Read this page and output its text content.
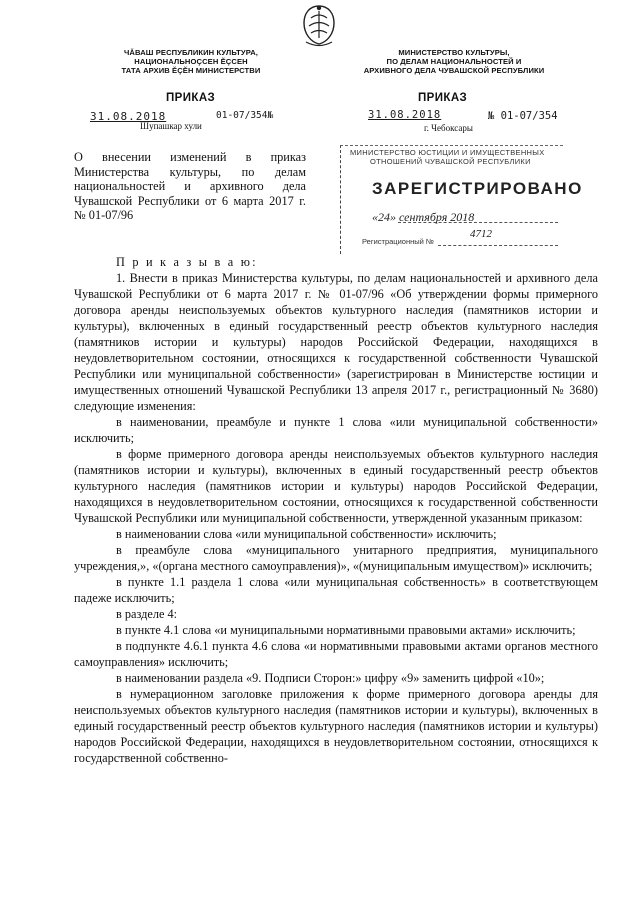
ЧĂВАШ РЕСПУБЛИКИН КУЛЬТУРА,
НАЦИОНАЛЬНОÇСЕН ĔÇСЕН
ТАТА АРХИВ ĔÇĔН МИНИСТЕРСТВИ
МИНИСТЕРСТВО КУЛЬТУРЫ,
ПО ДЕЛАМ НАЦИОНАЛЬНОСТЕЙ И
АРХИВНОГО ДЕЛА ЧУВАШСКОЙ РЕСПУБЛИКИ
ПРИКАЗ	ПРИКАЗ
31.08.2018	01-07/354№
Шупашкар хули
31.08.2018	№ 01-07/354
г. Чебоксары
О внесении изменений в приказ Министерства культуры, по делам национальностей и архивного дела Чувашской Республики от 6 марта 2017 г. № 01-07/96
МИНИСТЕРСТВО ЮСТИЦИИ И ИМУЩЕСТВЕННЫХ
ОТНОШЕНИЙ ЧУВАШСКОЙ РЕСПУБЛИКИ
ЗАРЕГИСТРИРОВАНО
«24» сентября 2018
Регистрационный №
4712

П р и к а з ы в а ю:

1. Внести в приказ Министерства культуры, по делам национальностей и архивного дела Чувашской Республики от 6 марта 2017 г. № 01-07/96 «Об утверждении формы примерного договора аренды неиспользуемых объектов культурного наследия (памятников истории и культуры), включенных в единый государственный реестр объектов культурного наследия (памятников истории и культуры) народов Российской Федерации, находящихся в неудовлетворительном состоянии, относящихся к государственной собственности Чувашской Республики или муниципальной собственности» (зарегистрирован в Министерстве юстиции и имущественных отношений Чувашской Республики 13 апреля 2017 г., регистрационный № 3680) следующие изменения:

в наименовании, преамбуле и пункте 1 слова «или муниципальной собственности» исключить;

в форме примерного договора аренды неиспользуемых объектов культурного наследия (памятников истории и культуры), включенных в единый государственный реестр объектов культурного наследия (памятников истории и культуры) народов Российской Федерации, находящихся в неудовлетворительном состоянии, относящихся к государственной собственности Чувашской Республики или муниципальной собственности, утвержденной указанным приказом:

в наименовании слова «или муниципальной собственности» исключить;

в преамбуле слова «муниципального унитарного предприятия, муниципального учреждения,», «(органа местного самоуправления)», «(муниципальным имуществом)» исключить;

в пункте 1.1 раздела 1 слова «или муниципальная собственность» в соответствующем падеже исключить;

в разделе 4:

в пункте 4.1 слова «и муниципальными нормативными правовыми актами» исключить;

в подпункте 4.6.1 пункта 4.6 слова «и нормативными правовыми актами органов местного самоуправления» исключить;

в наименовании раздела «9. Подписи Сторон:» цифру «9» заменить цифрой «10»;

в нумерационном заголовке приложения к форме примерного договора аренды для неиспользуемых объектов культурного наследия (памятников истории и культуры), включенных в единый государственный реестр объектов культурного наследия (памятников истории и культуры) народов Российской Федерации, находящихся в неудовлетворительном состоянии, относящихся к государственной собственно-
